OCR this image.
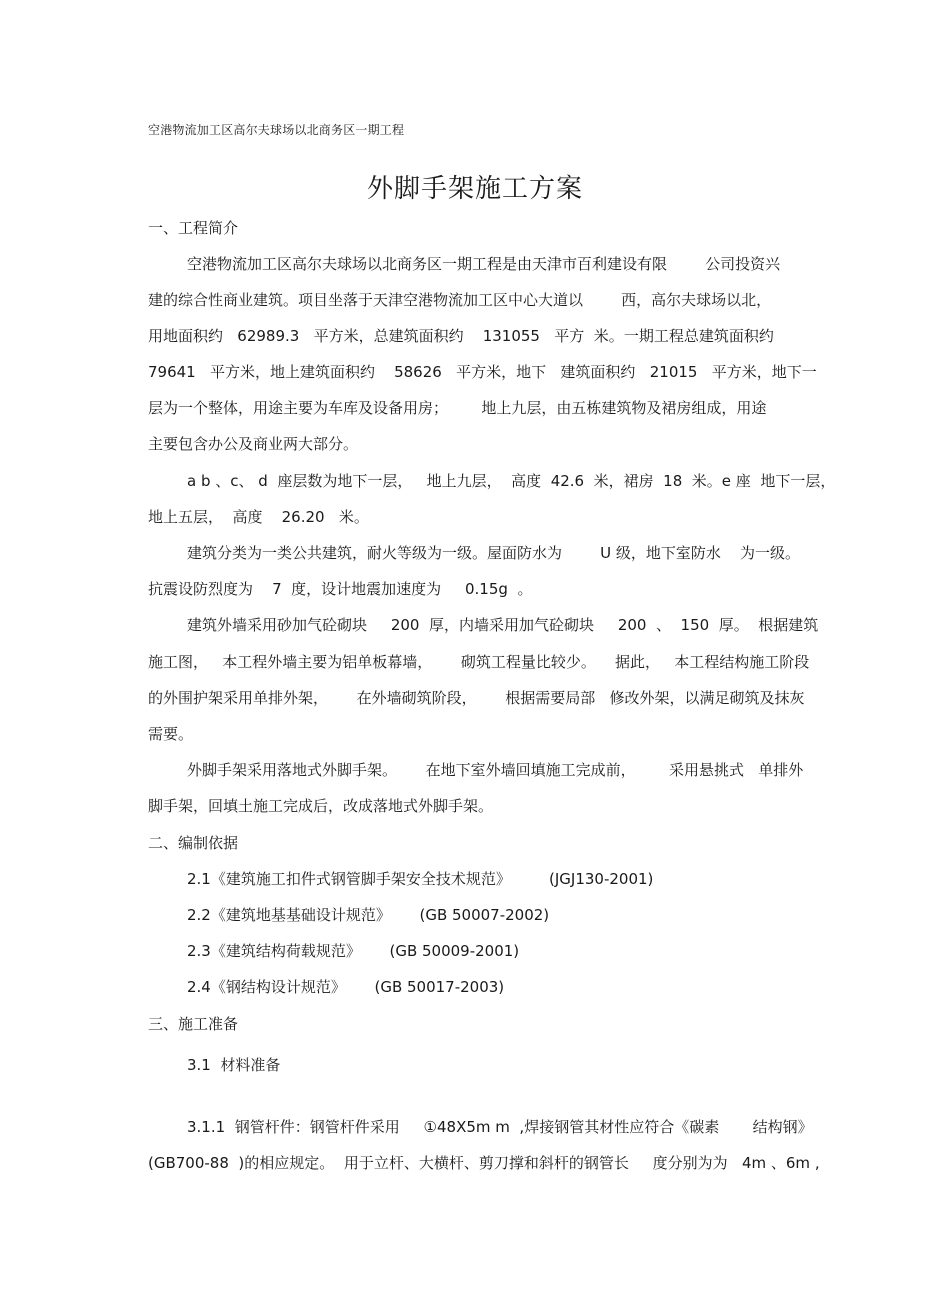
空港物流加工区高尔夫球场以北商务区一期工程
外脚手架施工方案
一、工程简介
空港物流加工区高尔夫球场以北商务区一期工程是由天津市百利建设有限        公司投资兴
建的综合性商业建筑。项目坐落于天津空港物流加工区中心大道以        西，高尔夫球场以北，
用地面积约   62989.3   平方米，总建筑面积约    131055   平方  米。一期工程总建筑面积约
79641   平方米，地上建筑面积约    58626   平方米，地下   建筑面积约   21015   平方米，地下一
层为一个整体，用途主要为车库及设备用房；       地上九层，由五栋建筑物及裙房组成，用途
主要包含办公及商业两大部分。
a b 、c、 d  座层数为地下一层，   地上九层，  高度  42.6  米，裙房  18  米。e 座  地下一层，
地上五层，  高度    26.20   米。
建筑分类为一类公共建筑，耐火等级为一级。屋面防水为        U 级，地下室防水    为一级。
抗震设防烈度为    7  度，设计地震加速度为     0.15g  。
建筑外墙采用砂加气砼砌块     200  厚，内墙采用加气砼砌块     200  、  150  厚。  根据建筑
施工图，   本工程外墙主要为铝单板幕墙，      砌筑工程量比较少。    据此，   本工程结构施工阶段
的外围护架采用单排外架，      在外墙砌筑阶段，      根据需要局部   修改外架，以满足砌筑及抹灰
需要。
外脚手架采用落地式外脚手架。      在地下室外墙回填施工完成前，       采用悬挑式   单排外
脚手架，回填土施工完成后，改成落地式外脚手架。
二、编制依据
2.1《建筑施工扣件式钢管脚手架安全技术规范》        (JGJ130-2001)
2.2《建筑地基基础设计规范》      (GB 50007-2002)
2.3《建筑结构荷载规范》      (GB 50009-2001)
2.4《钢结构设计规范》      (GB 50017-2003)
三、施工准备
3.1  材料准备
3.1.1  钢管杆件：钢管杆件采用     ①48X5m m  ,焊接钢管其材性应符合《碳素       结构钢》
(GB700-88  )的相应规定。  用于立杆、大横杆、剪刀撑和斜杆的钢管长     度分别为为   4m 、6m ,
